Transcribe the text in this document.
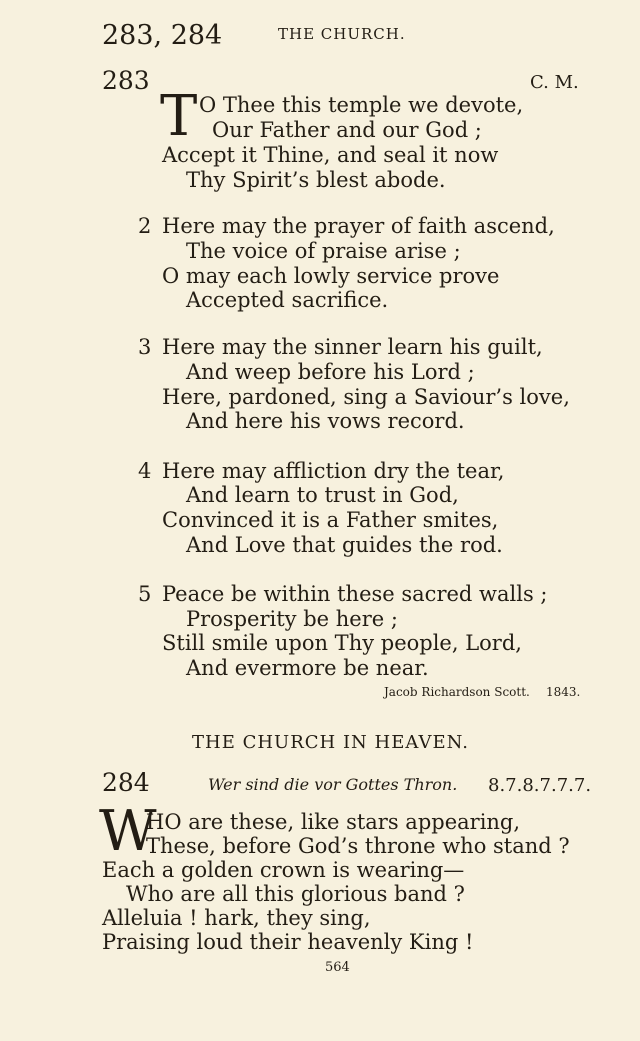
283, 284	THE CHURCH.
283	C. M.
T O Thee this temple we devote,
Our Father and our God ;
Accept it Thine, and seal it now
Thy Spirit’s blest abode.
2 Here may the prayer of faith ascend,
The voice of praise arise ;
O may each lowly service prove
Accepted sacrifice.
3 Here may the sinner learn his guilt,
And weep before his Lord ;
Here, pardoned, sing a Saviour’s love,
And here his vows record.
4 Here may affliction dry the tear,
And learn to trust in God,
Convinced it is a Father smites,
And Love that guides the rod.
5 Peace be within these sacred walls ;
Prosperity be here ;
Still smile upon Thy people, Lord,
And evermore be near.
Jacob Richardson Scott. 1843.
THE CHURCH IN HEAVEN.
284	Wer sind die vor Gottes Thron. 8.7.8.7.7.7.
W
HO are these, like stars appearing,
These, before God’s throne who stand ?
Each a golden crown is wearing—
Who are all this glorious band ?
Alleluia ! hark, they sing,
Praising loud their heavenly King !
564
